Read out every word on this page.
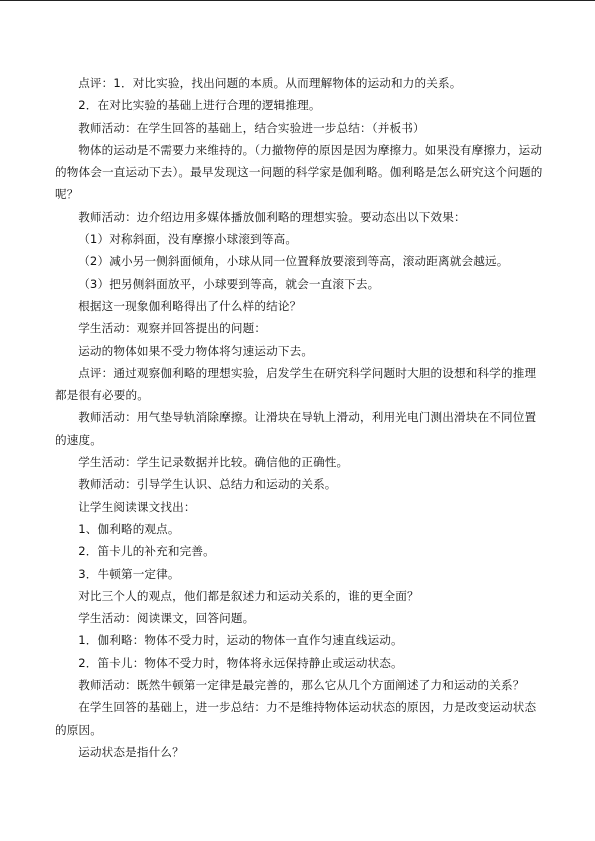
点评：1．对比实验，找出问题的本质。从而理解物体的运动和力的关系。

2．在对比实验的基础上进行合理的逻辑推理。

教师活动：在学生回答的基础上，结合实验进一步总结：（并板书）

物体的运动是不需要力来维持的。（力撤物停的原因是因为摩擦力。如果没有摩擦力，运动的物体会一直运动下去）。最早发现这一问题的科学家是伽利略。伽利略是怎么研究这个问题的呢？

教师活动：边介绍边用多媒体播放伽利略的理想实验。要动态出以下效果：

（1）对称斜面，没有摩擦小球滚到等高。

（2）减小另一侧斜面倾角，小球从同一位置释放要滚到等高，滚动距离就会越远。

（3）把另侧斜面放平，小球要到等高，就会一直滚下去。

根据这一现象伽利略得出了什么样的结论？

学生活动：观察并回答提出的问题：

运动的物体如果不受力物体将匀速运动下去。

点评：通过观察伽利略的理想实验，启发学生在研究科学问题时大胆的设想和科学的推理都是很有必要的。

教师活动：用气垫导轨消除摩擦。让滑块在导轨上滑动，利用光电门测出滑块在不同位置的速度。

学生活动：学生记录数据并比较。确信他的正确性。

教师活动：引导学生认识、总结力和运动的关系。

让学生阅读课文找出：

1、伽利略的观点。

2．笛卡儿的补充和完善。

3．牛顿第一定律。

对比三个人的观点，他们都是叙述力和运动关系的，谁的更全面？

学生活动：阅读课文，回答问题。

1．伽利略：物体不受力时，运动的物体一直作匀速直线运动。

2．笛卡儿：物体不受力时，物体将永远保持静止或运动状态。

教师活动：既然牛顿第一定律是最完善的，那么它从几个方面阐述了力和运动的关系？

在学生回答的基础上，进一步总结：力不是维持物体运动状态的原因，力是改变运动状态的原因。

运动状态是指什么？
